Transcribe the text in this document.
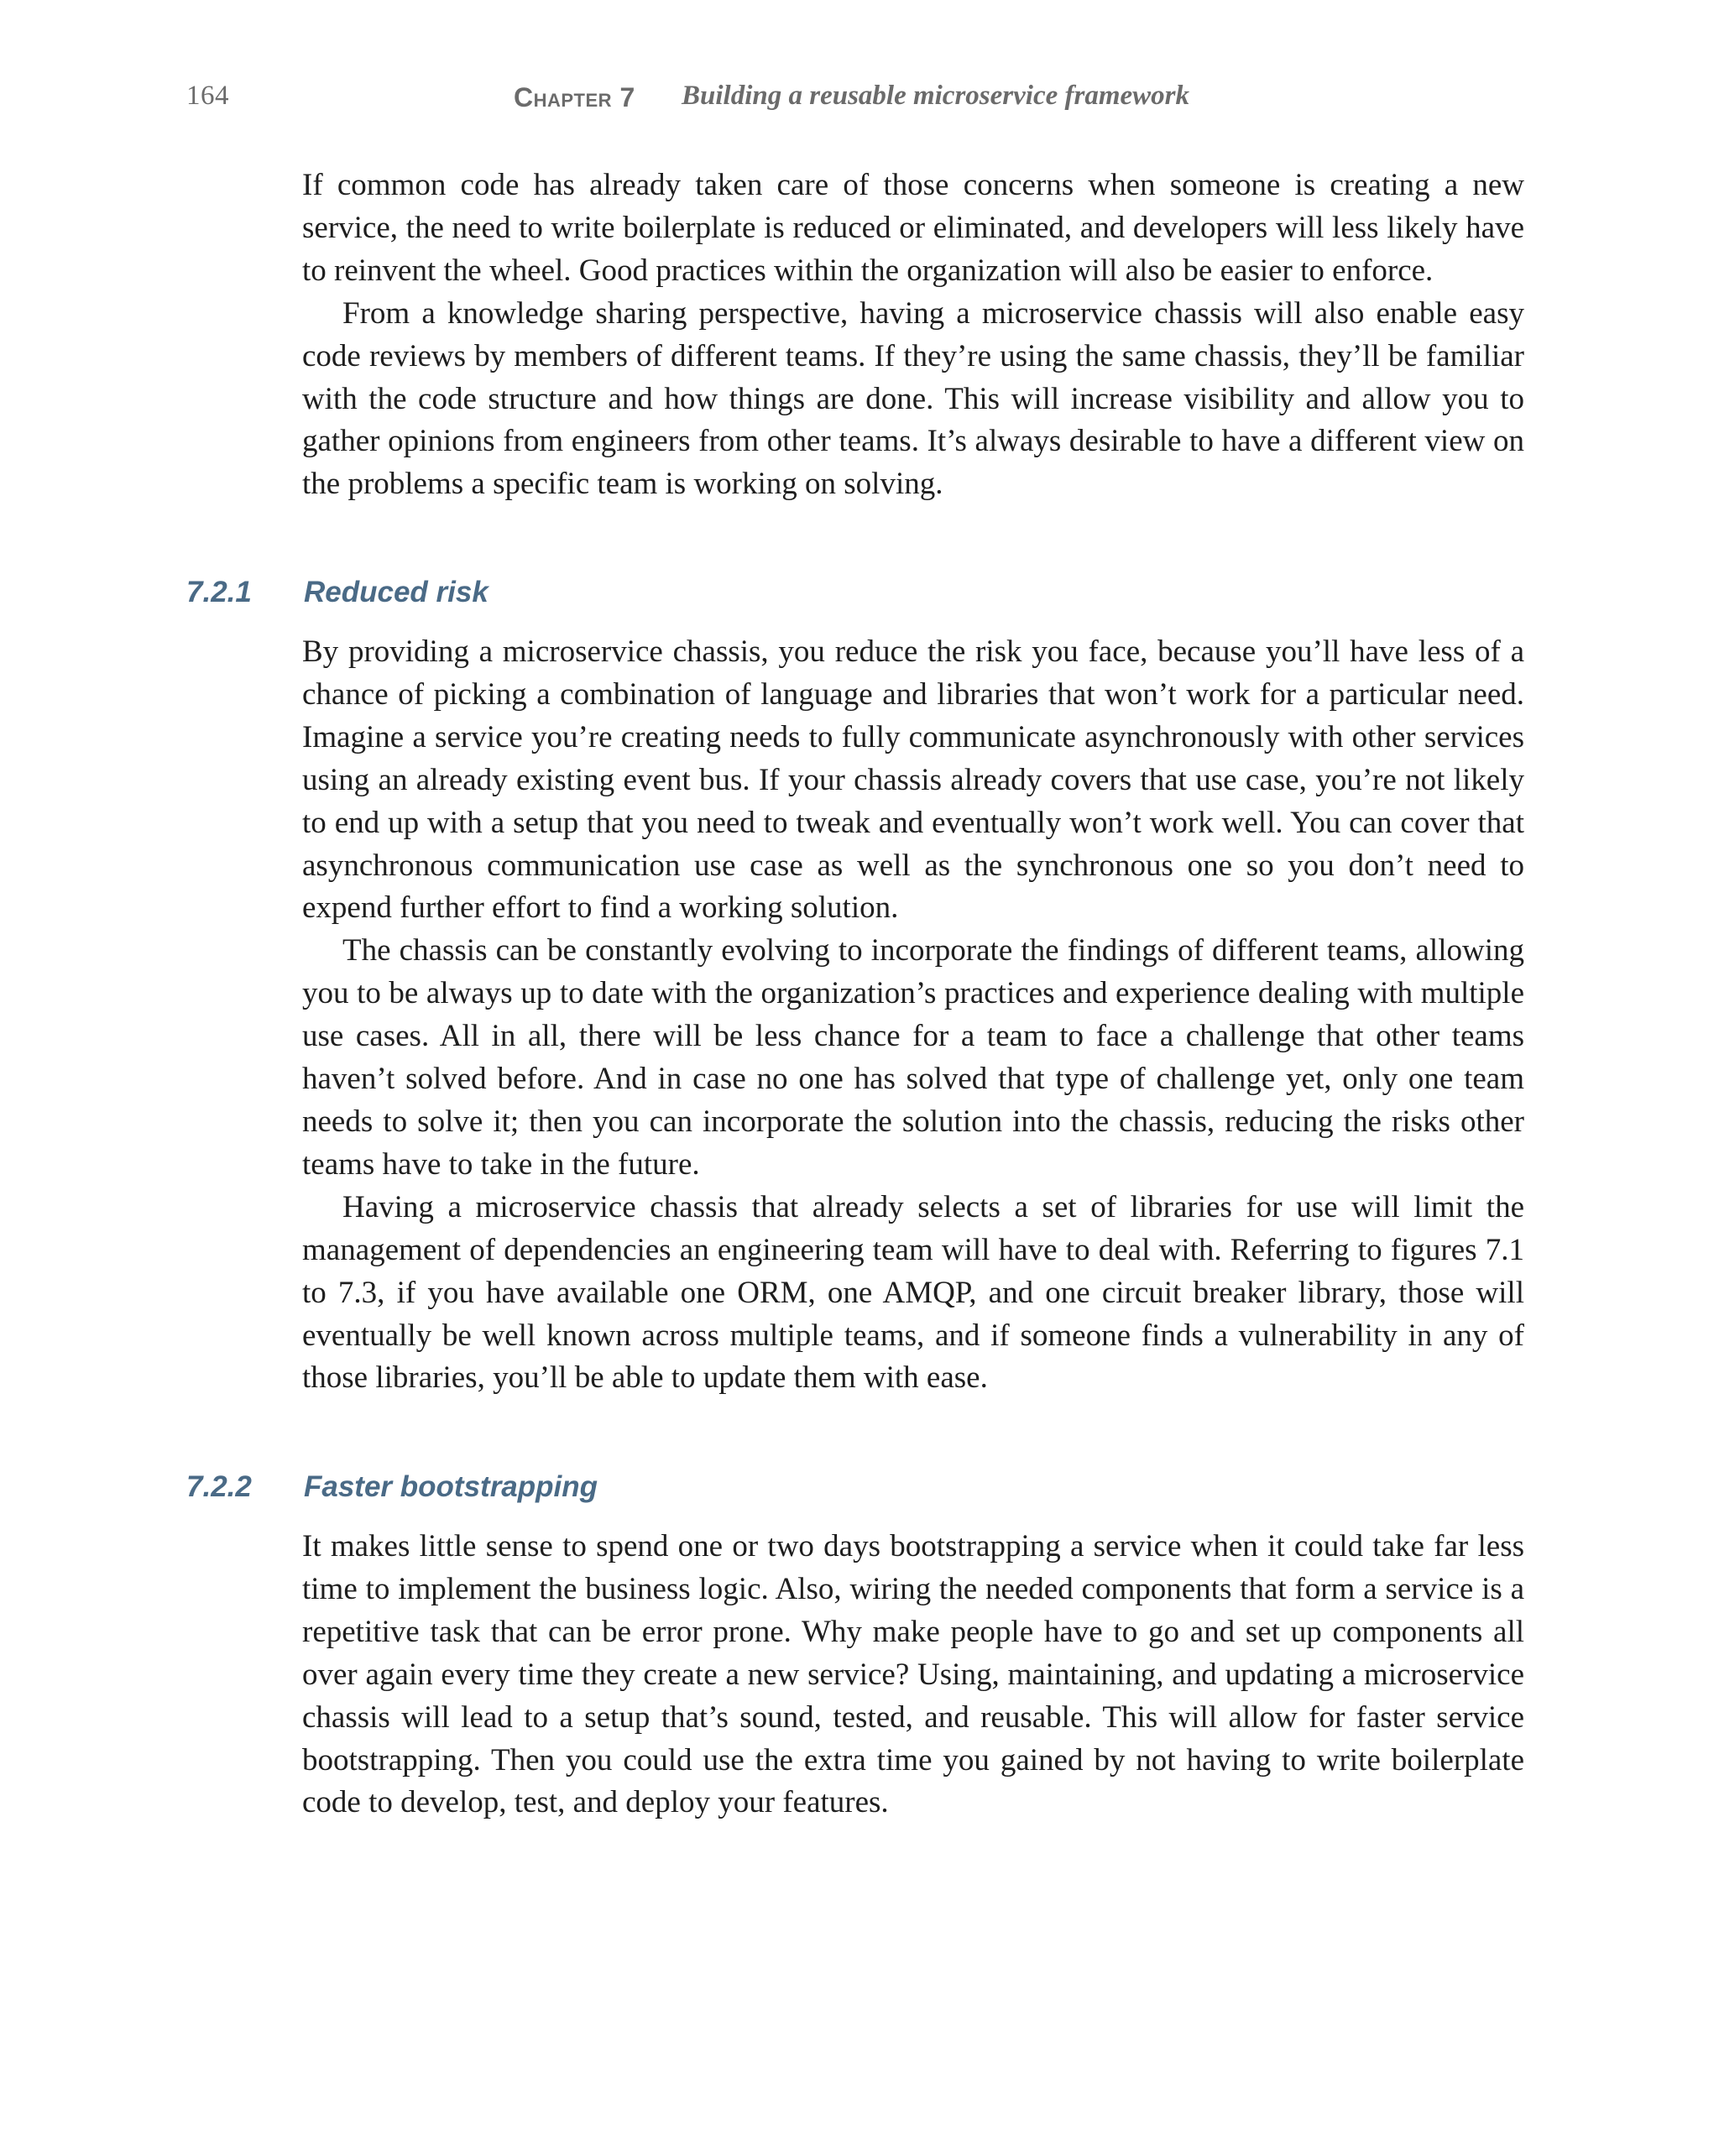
164	Chapter 7 Building a reusable microservice framework

If common code has already taken care of those concerns when someone is creating a new service, the need to write boilerplate is reduced or eliminated, and developers will less likely have to reinvent the wheel. Good practices within the organization will also be easier to enforce.

From a knowledge sharing perspective, having a microservice chassis will also enable easy code reviews by members of different teams. If they’re using the same chassis, they’ll be familiar with the code structure and how things are done. This will increase visibility and allow you to gather opinions from engineers from other teams. It’s always desirable to have a different view on the problems a specific team is working on solving.

7.2.1 Reduced risk

By providing a microservice chassis, you reduce the risk you face, because you’ll have less of a chance of picking a combination of language and libraries that won’t work for a particular need. Imagine a service you’re creating needs to fully communicate asynchronously with other services using an already existing event bus. If your chassis already covers that use case, you’re not likely to end up with a setup that you need to tweak and eventually won’t work well. You can cover that asynchronous communication use case as well as the synchronous one so you don’t need to expend further effort to find a working solution.

The chassis can be constantly evolving to incorporate the findings of different teams, allowing you to be always up to date with the organization’s practices and experience dealing with multiple use cases. All in all, there will be less chance for a team to face a challenge that other teams haven’t solved before. And in case no one has solved that type of challenge yet, only one team needs to solve it; then you can incorporate the solution into the chassis, reducing the risks other teams have to take in the future.

Having a microservice chassis that already selects a set of libraries for use will limit the management of dependencies an engineering team will have to deal with. Referring to figures 7.1 to 7.3, if you have available one ORM, one AMQP, and one circuit breaker library, those will eventually be well known across multiple teams, and if someone finds a vulnerability in any of those libraries, you’ll be able to update them with ease.

7.2.2 Faster bootstrapping

It makes little sense to spend one or two days bootstrapping a service when it could take far less time to implement the business logic. Also, wiring the needed components that form a service is a repetitive task that can be error prone. Why make people have to go and set up components all over again every time they create a new service? Using, maintaining, and updating a microservice chassis will lead to a setup that’s sound, tested, and reusable. This will allow for faster service bootstrapping. Then you could use the extra time you gained by not having to write boilerplate code to develop, test, and deploy your features.
